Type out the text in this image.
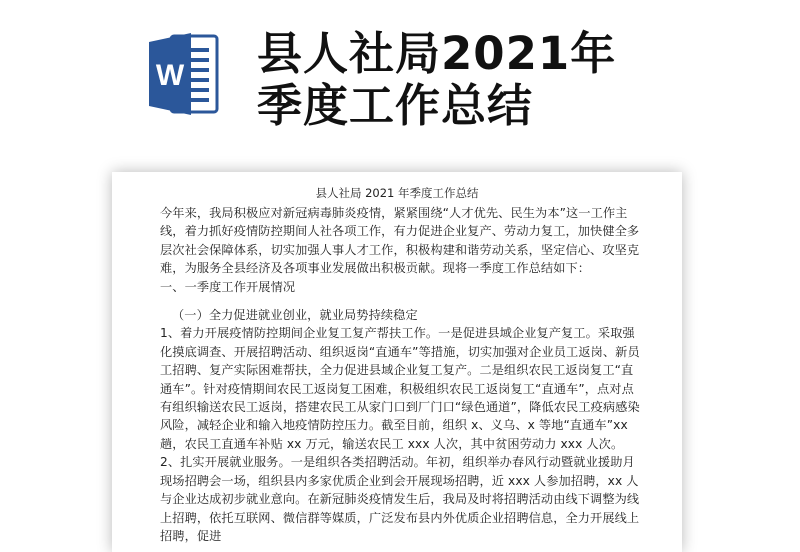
W 县人社局2021年
季度工作总结
县人社局 2021 年季度工作总结

今年来，我局积极应对新冠病毒肺炎疫情，紧紧围绕“人才优先、民生为本”这一工作主线，着力抓好疫情防控期间人社各项工作，有力促进企业复产、劳动力复工，加快健全多层次社会保障体系，切实加强人事人才工作，积极构建和谐劳动关系，坚定信心、攻坚克难，为服务全县经济及各项事业发展做出积极贡献。现将一季度工作总结如下：

一、一季度工作开展情况

（一）全力促进就业创业，就业局势持续稳定

1、着力开展疫情防控期间企业复工复产帮扶工作。一是促进县域企业复产复工。采取强化摸底调查、开展招聘活动、组织返岗“直通车”等措施，切实加强对企业员工返岗、新员工招聘、复产实际困难帮扶，全力促进县域企业复工复产。二是组织农民工返岗复工“直通车”。针对疫情期间农民工返岗复工困难，积极组织农民工返岗复工“直通车”，点对点有组织输送农民工返岗，搭建农民工从家门口到厂门口“绿色通道”，降低农民工疫病感染风险，减轻企业和输入地疫情防控压力。截至目前，组织 x、义乌、x 等地“直通车”xx 趟，农民工直通车补贴 xx 万元，输送农民工 xxx 人次，其中贫困劳动力 xxx 人次。

2、扎实开展就业服务。一是组织各类招聘活动。年初，组织举办春风行动暨就业援助月现场招聘会一场，组织县内多家优质企业到会开展现场招聘，近 xxx 人参加招聘，xx 人与企业达成初步就业意向。在新冠肺炎疫情发生后，我局及时将招聘活动由线下调整为线上招聘，依托互联网、微信群等媒质，广泛发布县内外优质企业招聘信息，全力开展线上招聘，促进
